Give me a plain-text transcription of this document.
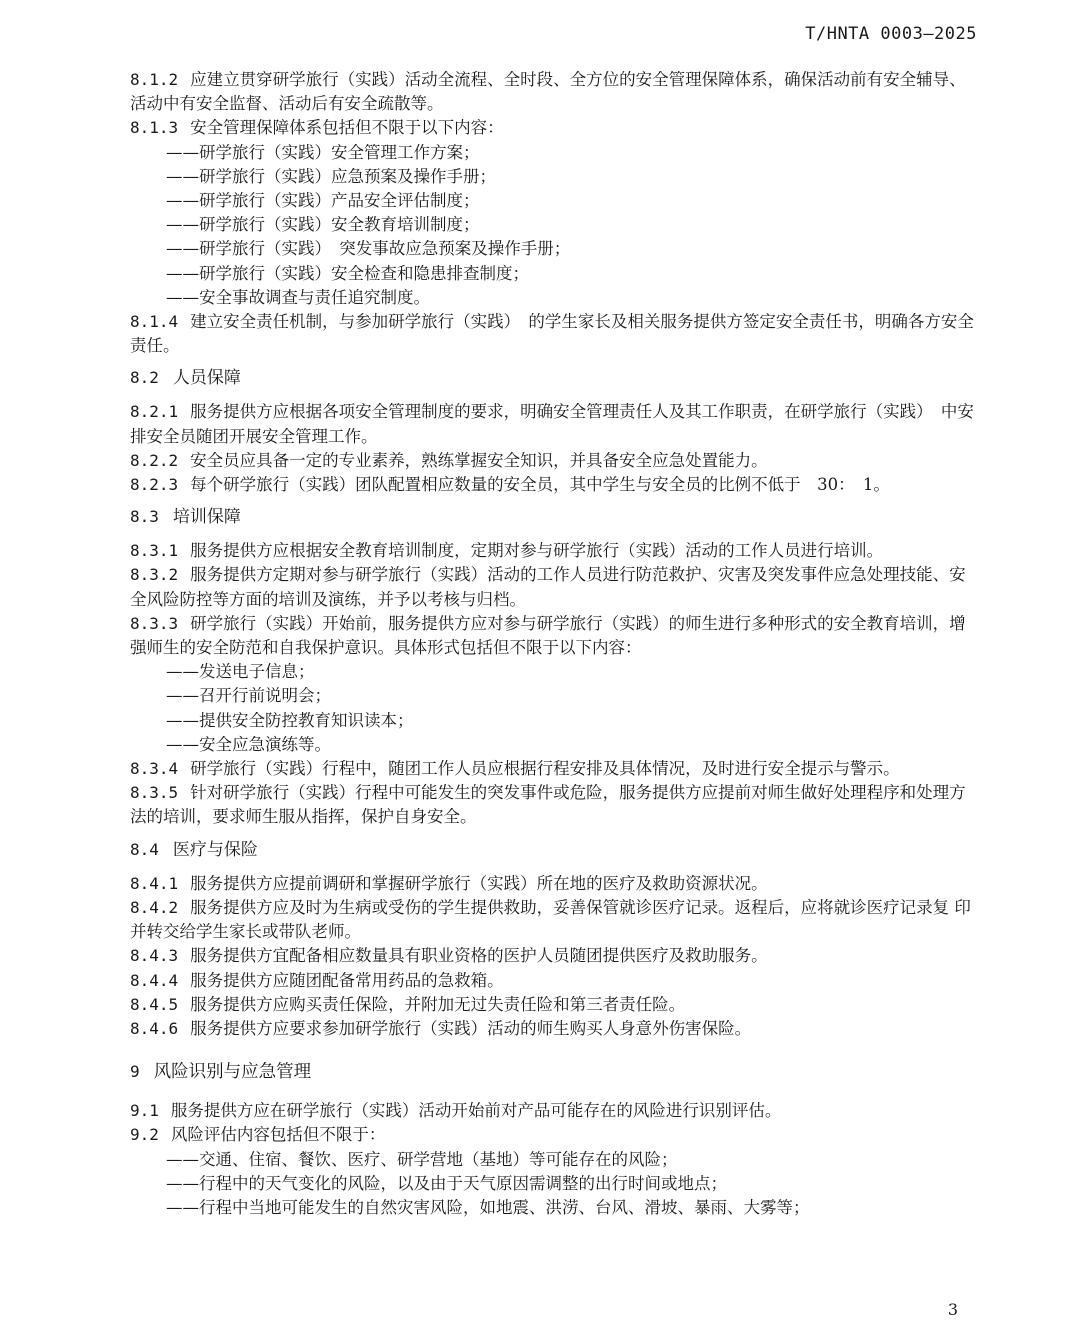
T/HNTA 0003—2025
8.1.2 应建立贯穿研学旅行（实践）活动全流程、全时段、全方位的安全管理保障体系，确保活动前有安全辅导、活动中有安全监督、活动后有安全疏散等。
8.1.3 安全管理保障体系包括但不限于以下内容：
——研学旅行（实践）安全管理工作方案；
——研学旅行（实践）应急预案及操作手册；
——研学旅行（实践）产品安全评估制度；
——研学旅行（实践）安全教育培训制度；
——研学旅行（实践）　突发事故应急预案及操作手册；
——研学旅行（实践）安全检查和隐患排查制度；
——安全事故调查与责任追究制度。
8.1.4 建立安全责任机制，与参加研学旅行（实践）　的学生家长及相关服务提供方签定安全责任书，明确各方安全责任。
8.2 人员保障
8.2.1 服务提供方应根据各项安全管理制度的要求，明确安全管理责任人及其工作职责，在研学旅行（实践）　中安排安全员随团开展安全管理工作。
8.2.2 安全员应具备一定的专业素养，熟练掌握安全知识，并具备安全应急处置能力。
8.2.3 每个研学旅行（实践）团队配置相应数量的安全员，其中学生与安全员的比例不低于　30：　1。
8.3 培训保障
8.3.1 服务提供方应根据安全教育培训制度，定期对参与研学旅行（实践）活动的工作人员进行培训。
8.3.2 服务提供方定期对参与研学旅行（实践）活动的工作人员进行防范救护、灾害及突发事件应急处理技能、安全风险防控等方面的培训及演练，并予以考核与归档。
8.3.3 研学旅行（实践）开始前，服务提供方应对参与研学旅行（实践）的师生进行多种形式的安全教育培训，增强师生的安全防范和自我保护意识。具体形式包括但不限于以下内容：
——发送电子信息；
——召开行前说明会；
——提供安全防控教育知识读本；
——安全应急演练等。
8.3.4 研学旅行（实践）行程中，随团工作人员应根据行程安排及具体情况，及时进行安全提示与警示。
8.3.5 针对研学旅行（实践）行程中可能发生的突发事件或危险，服务提供方应提前对师生做好处理程序和处理方法的培训，要求师生服从指挥，保护自身安全。
8.4 医疗与保险
8.4.1 服务提供方应提前调研和掌握研学旅行（实践）所在地的医疗及救助资源状况。
8.4.2 服务提供方应及时为生病或受伤的学生提供救助，妥善保管就诊医疗记录。返程后，应将就诊医疗记录复 印并转交给学生家长或带队老师。
8.4.3 服务提供方宜配备相应数量具有职业资格的医护人员随团提供医疗及救助服务。
8.4.4 服务提供方应随团配备常用药品的急救箱。
8.4.5 服务提供方应购买责任保险，并附加无过失责任险和第三者责任险。
8.4.6 服务提供方应要求参加研学旅行（实践）活动的师生购买人身意外伤害保险。
9 风险识别与应急管理
9.1 服务提供方应在研学旅行（实践）活动开始前对产品可能存在的风险进行识别评估。
9.2 风险评估内容包括但不限于：
——交通、住宿、餐饮、医疗、研学营地（基地）等可能存在的风险；
——行程中的天气变化的风险，以及由于天气原因需调整的出行时间或地点；
——行程中当地可能发生的自然灾害风险，如地震、洪涝、台风、滑坡、暴雨、大雾等；
3
